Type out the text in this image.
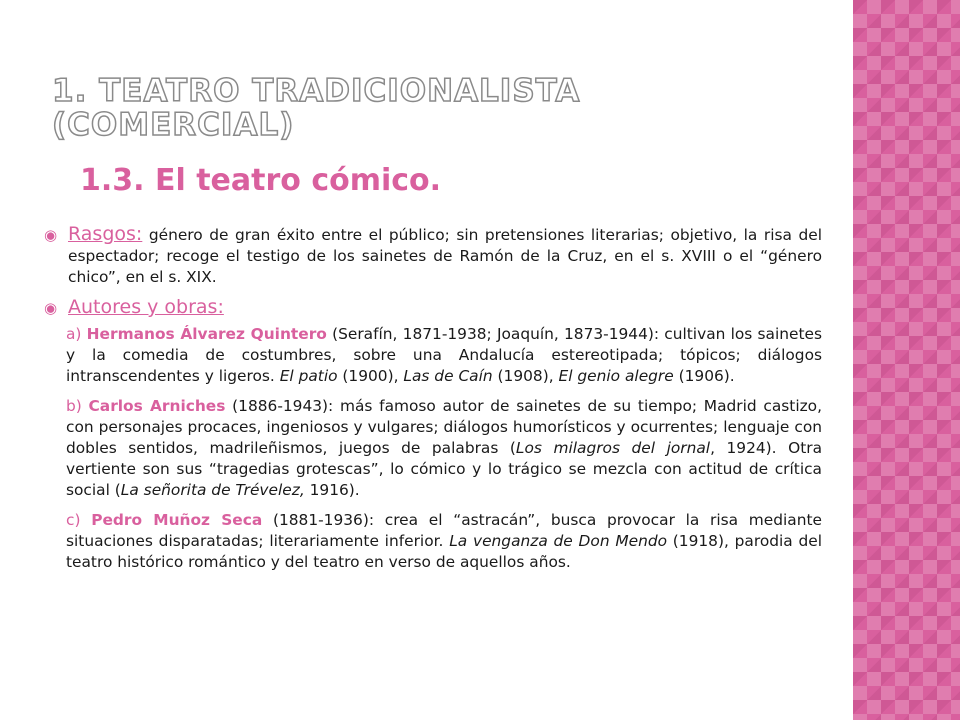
1. TEATRO TRADICIONALISTA
(COMERCIAL)
1.3. El teatro cómico.

◉ Rasgos: género de gran éxito entre el público; sin pretensiones literarias; objetivo, la risa del espectador; recoge el testigo de los sainetes de Ramón de la Cruz, en el s. XVIII o el “género chico”, en el s. XIX.

◉ Autores y obras:

a) Hermanos Álvarez Quintero (Serafín, 1871-1938; Joaquín, 1873-1944): cultivan los sainetes y la comedia de costumbres, sobre una Andalucía estereotipada; tópicos; diálogos intranscendentes y ligeros. El patio (1900), Las de Caín (1908), El genio alegre (1906).

b) Carlos Arniches (1886-1943): más famoso autor de sainetes de su tiempo; Madrid castizo, con personajes procaces, ingeniosos y vulgares; diálogos humorísticos y ocurrentes; lenguaje con dobles sentidos, madrileñismos, juegos de palabras (Los milagros del jornal, 1924). Otra vertiente son sus “tragedias grotescas”, lo cómico y lo trágico se mezcla con actitud de crítica social (La señorita de Trévelez, 1916).

c) Pedro Muñoz Seca (1881-1936): crea el “astracán”, busca provocar la risa mediante situaciones disparatadas; literariamente inferior. La venganza de Don Mendo (1918), parodia del teatro histórico romántico y del teatro en verso de aquellos años.
